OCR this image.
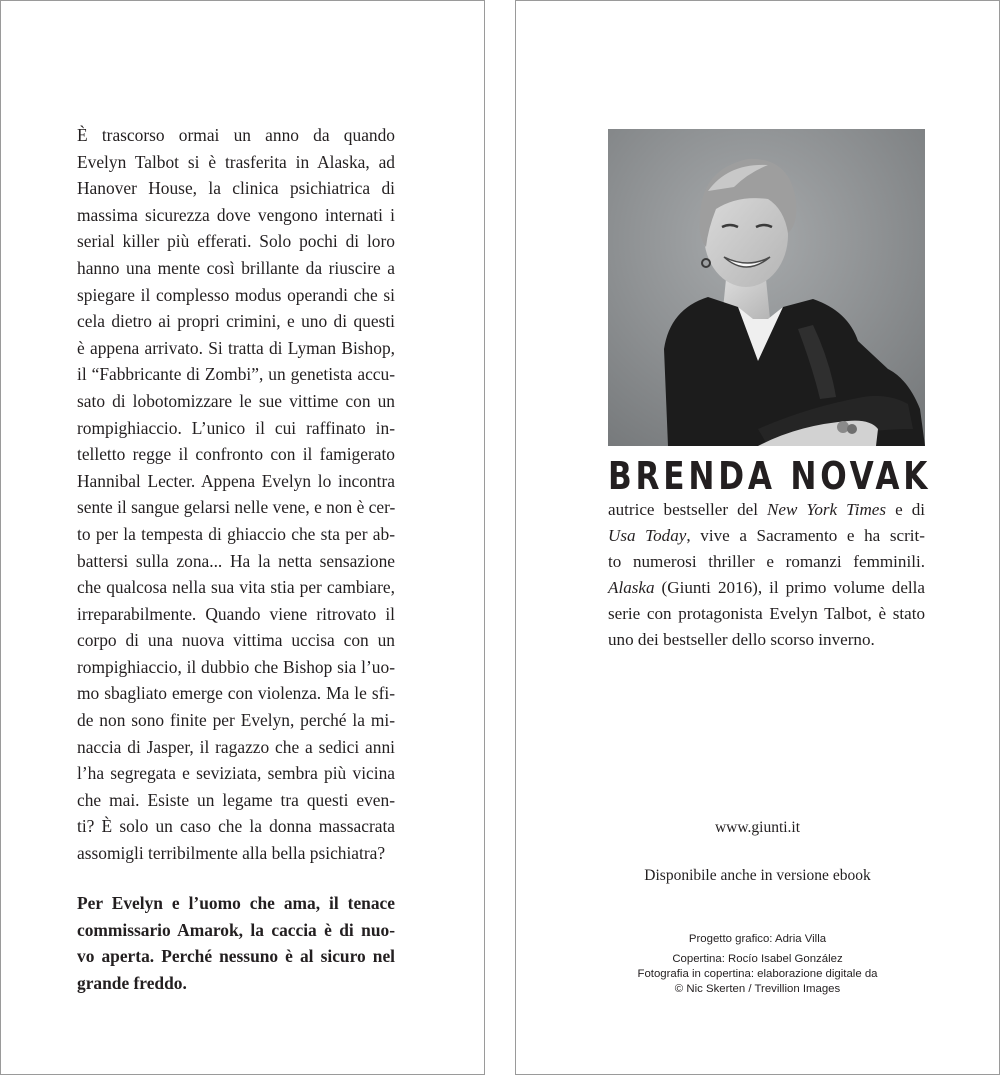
È trascorso ormai un anno da quando
Evelyn Talbot si è trasferita in Alaska, ad
Hanover House, la clinica psichiatrica di
massima sicurezza dove vengono internati i
serial killer più efferati. Solo pochi di loro
hanno una mente così brillante da riuscire a
spiegare il complesso modus operandi che si
cela dietro ai propri crimini, e uno di questi
è appena arrivato. Si tratta di Lyman Bishop,
il “Fabbricante di Zombi”, un genetista accu-
sato di lobotomizzare le sue vittime con un
rompighiaccio. L’unico il cui raffinato in-
telletto regge il confronto con il famigerato
Hannibal Lecter. Appena Evelyn lo incontra
sente il sangue gelarsi nelle vene, e non è cer-
to per la tempesta di ghiaccio che sta per ab-
battersi sulla zona... Ha la netta sensazione
che qualcosa nella sua vita stia per cambiare,
irreparabilmente. Quando viene ritrovato il
corpo di una nuova vittima uccisa con un
rompighiaccio, il dubbio che Bishop sia l’uo-
mo sbagliato emerge con violenza. Ma le sfi-
de non sono finite per Evelyn, perché la mi-
naccia di Jasper, il ragazzo che a sedici anni
l’ha segregata e seviziata, sembra più vicina
che mai. Esiste un legame tra questi even-
ti? È solo un caso che la donna massacrata
assomigli terribilmente alla bella psichiatra?
Per Evelyn e l’uomo che ama, il tenace
commissario Amarok, la caccia è di nuo-
vo aperta. Perché nessuno è al sicuro nel
grande freddo.
BRENDA NOVAK
autrice bestseller del New York Times e di
Usa Today, vive a Sacramento e ha scrit-
to numerosi thriller e romanzi femminili.
Alaska (Giunti 2016), il primo volume della
serie con protagonista Evelyn Talbot, è stato
uno dei bestseller dello scorso inverno.
www.giunti.it
Disponibile anche in versione ebook
Progetto grafico: Adria Villa
Copertina: Rocío Isabel González
Fotografia in copertina: elaborazione digitale da
© Nic Skerten / Trevillion Images
